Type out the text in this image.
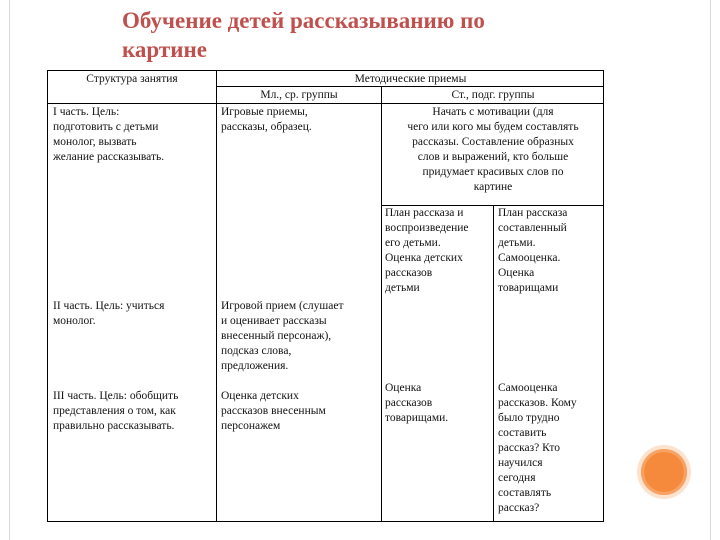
Обучение детей рассказыванию по
картине
Структура занятия	Методические приемы
Мл., ср. группы	Ст., подг. группы
I часть. Цель:
подготовить с детьми
монолог, вызвать
желание рассказывать.
Игровые приемы,
рассказы, образец.
Начать с мотивации (для
чего или кого мы будем составлять
рассказы. Составление образных
слов и выражений, кто больше
придумает красивых слов по
картине
План рассказа и
воспроизведение
его детьми.
Оценка детских
рассказов
детьми
План рассказа
составленный
детьми.
Самооценка.
Оценка
товарищами
II часть. Цель: учиться
монолог.
Игровой прием (слушает
и оценивает рассказы
внесенный персонаж),
подсказ слова,
предложения.
III часть. Цель: обобщить
представления о том, как
правильно рассказывать.
Оценка детских
рассказов внесенным
персонажем
Оценка
рассказов
товарищами.
Самооценка
рассказов. Кому
было трудно
составить
рассказ? Кто
научился
сегодня
составлять
рассказ?
